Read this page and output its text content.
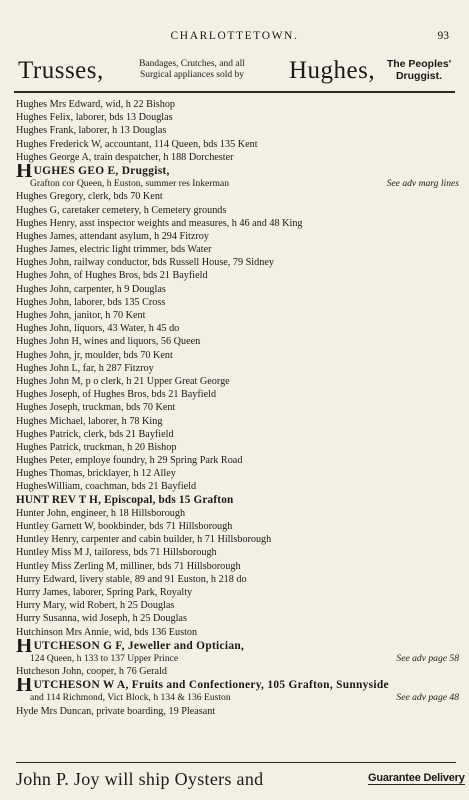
CHARLOTTETOWN.	93
Trusses,	Bandages, Crutches, and all
Surgical appliances sold by	Hughes,	The Peoples'
Druggist.
Hughes Mrs Edward, wid, h 22 Bishop
Hughes Felix, laborer, bds 13 Douglas
Hughes Frank, laborer, h 13 Douglas
Hughes Frederick W, accountant, 114 Queen, bds 135 Kent
Hughes George A, train despatcher, h 188 Dorchester
HUGHES GEO E, Druggist,
Grafton cor Queen, h Euston, summer res Inkerman	See adv marg lines
Hughes Gregory, clerk, bds 70 Kent
Hughes G, caretaker cemetery, h Cemetery grounds
Hughes Henry, asst inspector weights and measures, h 46 and 48 King
Hughes James, attendant asylum, h 294 Fitzroy
Hughes James, electric light trimmer, bds Water
Hughes John, railway conductor, bds Russell House, 79 Sidney
Hughes John, of Hughes Bros, bds 21 Bayfield
Hughes John, carpenter, h 9 Douglas
Hughes John, laborer, bds 135 Cross
Hughes John, janitor, h 70 Kent
Hughes John, liquors, 43 Water, h 45 do
Hughes John H, wines and liquors, 56 Queen
Hughes John, jr, moulder, bds 70 Kent
Hughes John L, far, h 287 Fitzroy
Hughes John M, p o clerk, h 21 Upper Great George
Hughes Joseph, of Hughes Bros, bds 21 Bayfield
Hughes Joseph, truckman, bds 70 Kent
Hughes Michael, laborer, h 78 King
Hughes Patrick, clerk, bds 21 Bayfield
Hughes Patrick, truckman, h 20 Bishop
Hughes Peter, employe foundry, h 29 Spring Park Road
Hughes Thomas, bricklayer, h 12 Alley
HughesWilliam, coachman, bds 21 Bayfield
HUNT REV T H, Episcopal, bds 15 Grafton
Hunter John, engineer, h 18 Hillsborough
Huntley Garnett W, bookbinder, bds 71 Hillsborough
Huntley Henry, carpenter and cabin builder, h 71 Hillsborough
Huntley Miss M J, tailoress, bds 71 Hillsborough
Huntley Miss Zerling M, milliner, bds 71 Hillsborough
Hurry Edward, livery stable, 89 and 91 Euston, h 218 do
Hurry James, laborer, Spring Park, Royalty
Hurry Mary, wid Robert, h 25 Douglas
Hurry Susanna, wid Joseph, h 25 Douglas
Hutchinson Mrs Annie, wid, bds 136 Euston
HUTCHESON G F, Jeweller and Optician,
124 Queen, h 133 to 137 Upper Prince	See adv page 58
Hutcheson John, cooper, h 76 Gerald
HUTCHESON W A, Fruits and Confectionery, 105 Grafton, Sunnyside
and 114 Richmond, Vict Block, h 134 & 136 Euston	See adv page 48
Hyde Mrs Duncan, private boarding, 19 Pleasant
John P. Joy will ship Oysters and	Guarantee Delivery
